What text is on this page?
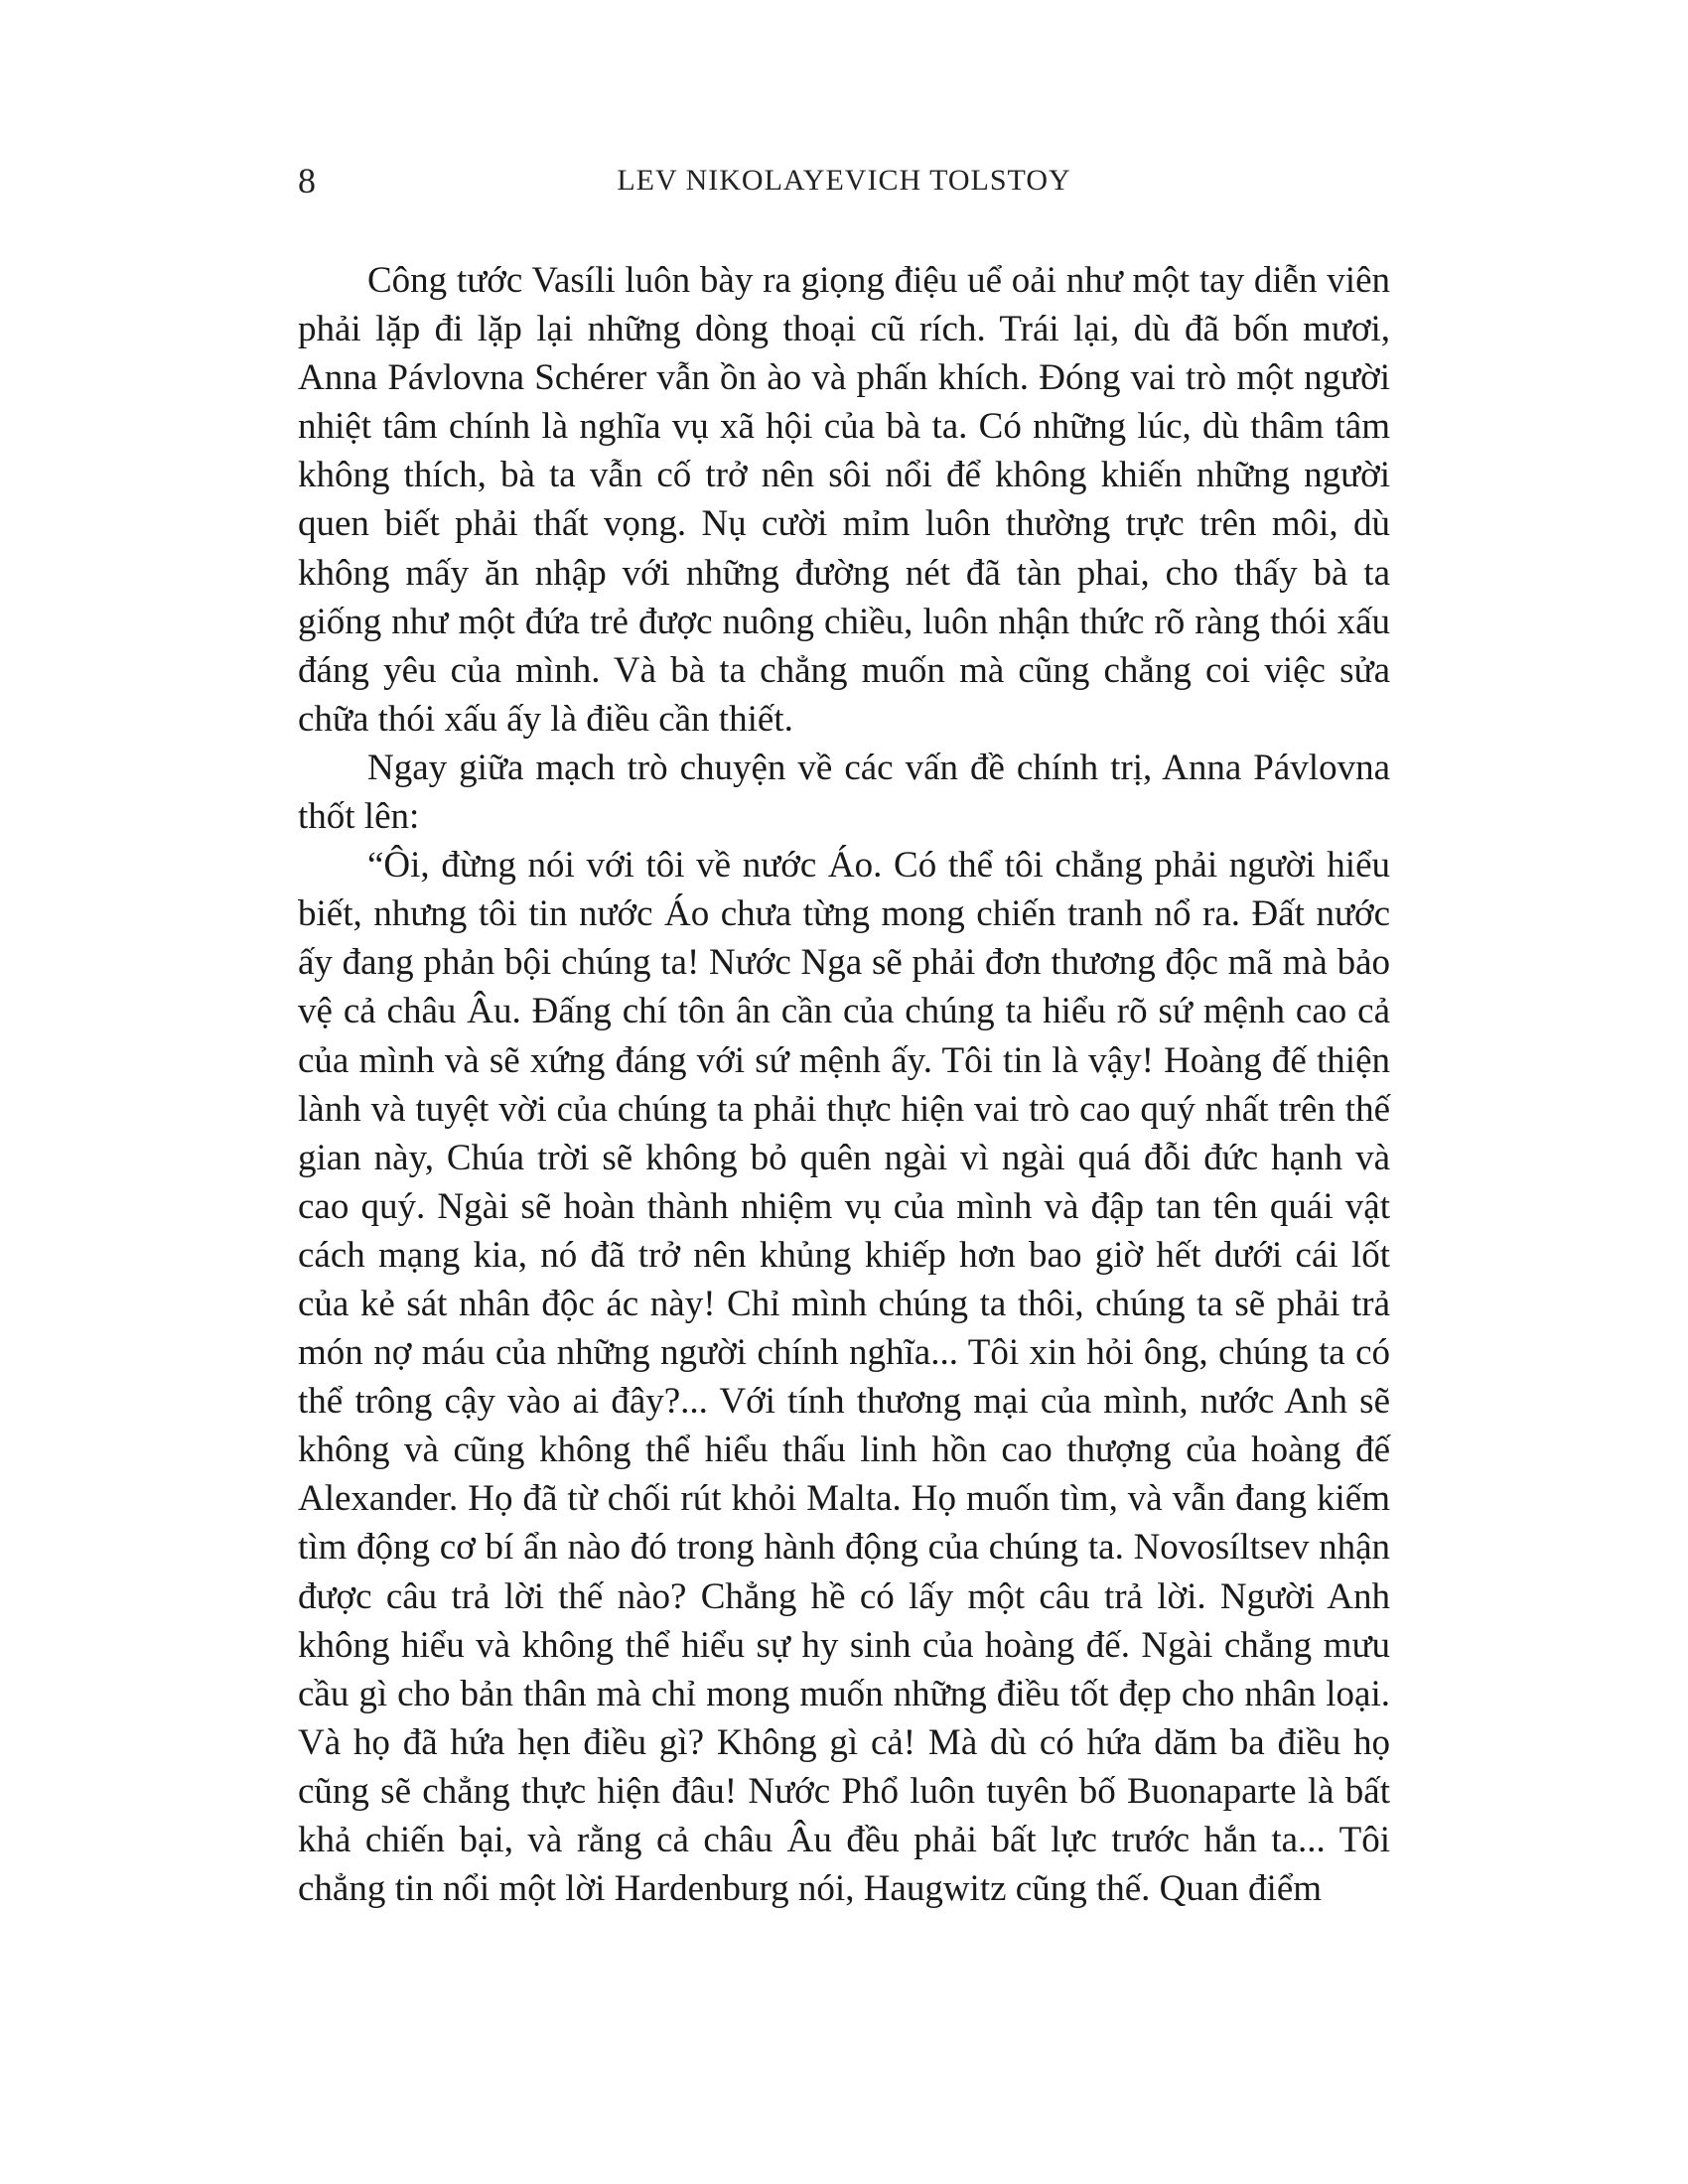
8	LEV NIKOLAYEVICH TOLSTOY

Công tước Vasíli luôn bày ra giọng điệu uể oải như một tay diễn viên phải lặp đi lặp lại những dòng thoại cũ rích. Trái lại, dù đã bốn mươi, Anna Pávlovna Schérer vẫn ồn ào và phấn khích. Đóng vai trò một người nhiệt tâm chính là nghĩa vụ xã hội của bà ta. Có những lúc, dù thâm tâm không thích, bà ta vẫn cố trở nên sôi nổi để không khiến những người quen biết phải thất vọng. Nụ cười mỉm luôn thường trực trên môi, dù không mấy ăn nhập với những đường nét đã tàn phai, cho thấy bà ta giống như một đứa trẻ được nuông chiều, luôn nhận thức rõ ràng thói xấu đáng yêu của mình. Và bà ta chẳng muốn mà cũng chẳng coi việc sửa chữa thói xấu ấy là điều cần thiết.

Ngay giữa mạch trò chuyện về các vấn đề chính trị, Anna Pávlovna thốt lên:

“Ôi, đừng nói với tôi về nước Áo. Có thể tôi chẳng phải người hiểu biết, nhưng tôi tin nước Áo chưa từng mong chiến tranh nổ ra. Đất nước ấy đang phản bội chúng ta! Nước Nga sẽ phải đơn thương độc mã mà bảo vệ cả châu Âu. Đấng chí tôn ân cần của chúng ta hiểu rõ sứ mệnh cao cả của mình và sẽ xứng đáng với sứ mệnh ấy. Tôi tin là vậy! Hoàng đế thiện lành và tuyệt vời của chúng ta phải thực hiện vai trò cao quý nhất trên thế gian này, Chúa trời sẽ không bỏ quên ngài vì ngài quá đỗi đức hạnh và cao quý. Ngài sẽ hoàn thành nhiệm vụ của mình và đập tan tên quái vật cách mạng kia, nó đã trở nên khủng khiếp hơn bao giờ hết dưới cái lốt của kẻ sát nhân độc ác này! Chỉ mình chúng ta thôi, chúng ta sẽ phải trả món nợ máu của những người chính nghĩa... Tôi xin hỏi ông, chúng ta có thể trông cậy vào ai đây?... Với tính thương mại của mình, nước Anh sẽ không và cũng không thể hiểu thấu linh hồn cao thượng của hoàng đế Alexander. Họ đã từ chối rút khỏi Malta. Họ muốn tìm, và vẫn đang kiếm tìm động cơ bí ẩn nào đó trong hành động của chúng ta. Novosíltsev nhận được câu trả lời thế nào? Chẳng hề có lấy một câu trả lời. Người Anh không hiểu và không thể hiểu sự hy sinh của hoàng đế. Ngài chẳng mưu cầu gì cho bản thân mà chỉ mong muốn những điều tốt đẹp cho nhân loại. Và họ đã hứa hẹn điều gì? Không gì cả! Mà dù có hứa dăm ba điều họ cũng sẽ chẳng thực hiện đâu! Nước Phổ luôn tuyên bố Buonaparte là bất khả chiến bại, và rằng cả châu Âu đều phải bất lực trước hắn ta... Tôi chẳng tin nổi một lời Hardenburg nói, Haugwitz cũng thế. Quan điểm
